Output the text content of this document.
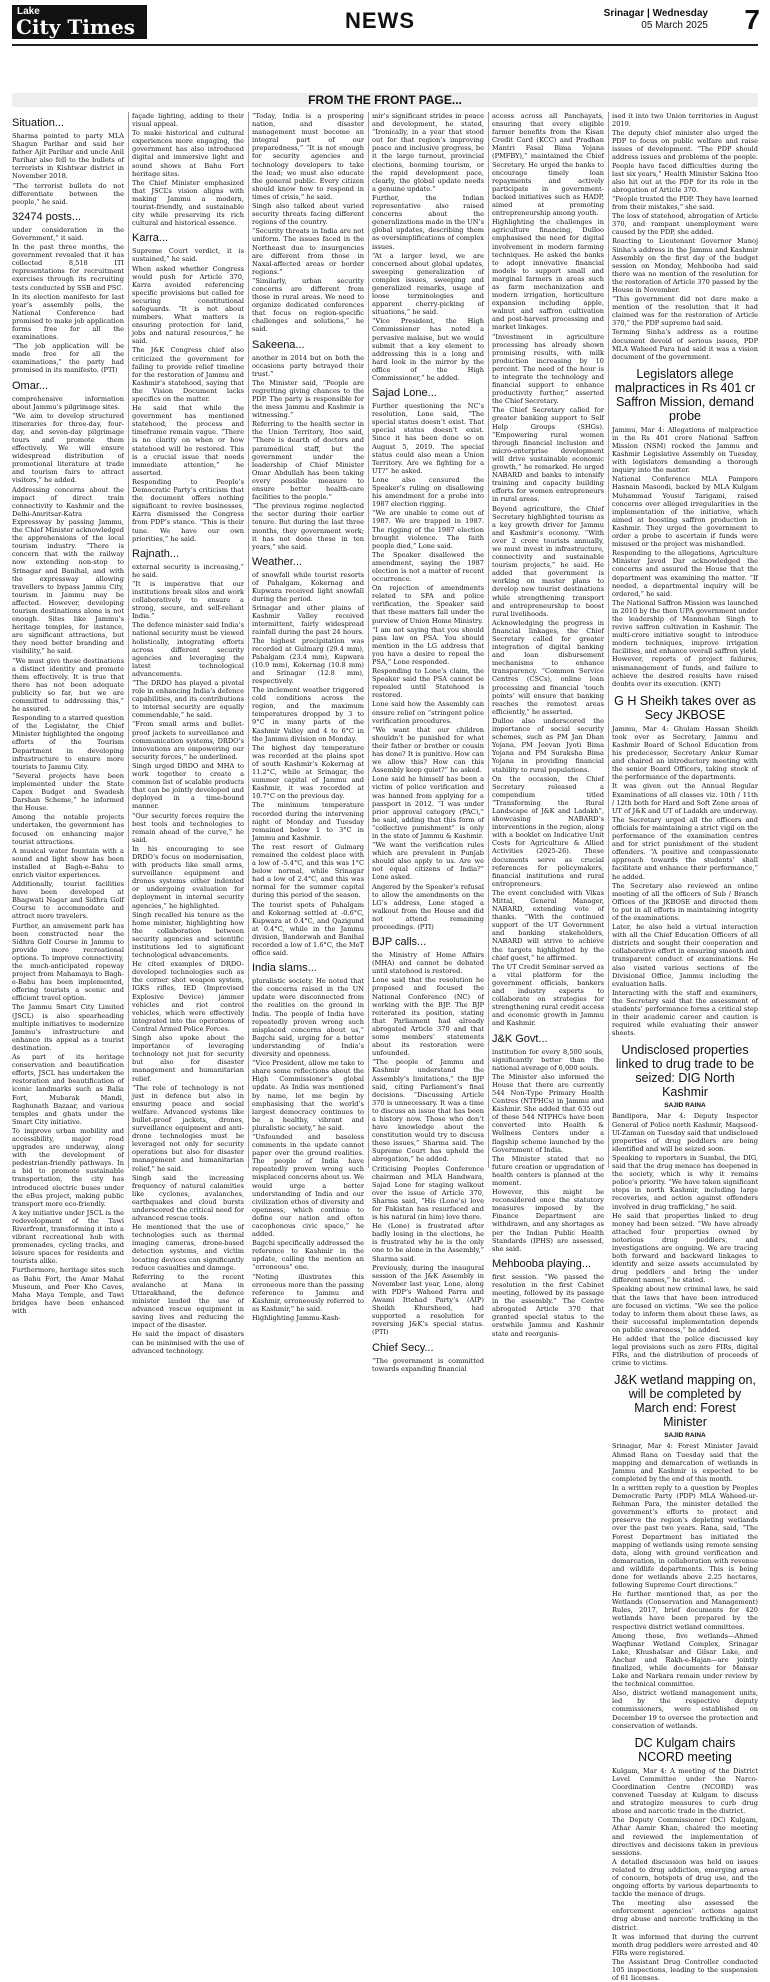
Lake
City Times	NEWS	Srinagar | Wednesday
05 March 2025 7
FROM THE FRONT PAGE...
Situation...

Sharma pointed to party MLA Shagun Parihar and said her father Ajit Parihar and uncle Anil Parihar also fell to the bullets of terrorists in Kishtwar district in November 2018.

“The terrorist bullets do not differentiate between the people,” he said.

32474 posts...

under consideration in the Government,” it said.

In the past three months, the government revealed that it has collected 8,518 ITI representations for recruitment exercises through its recruiting tests conducted by SSB and PSC.

In its election manifesto for last year’s assembly polls, the National Conference had promised to make job application forms free for all the examinations.

“The job application will be made free for all the examinations,” the party had promised in its manifesto. (PTI)

Omar...

comprehensive information about Jammu’s pilgrimage sites.

“We aim to develop structured itineraries for three-day, four-day, and seven-day pilgrimage tours and promote them effectively. We will ensure widespread distribution of promotional literature at trade and tourism fairs to attract visitors,” he added.

Addressing concerns about the impact of direct train connectivity to Kashmir and the Delhi-Amritsar-Katra Expressway by passing Jammu, the Chief Minister acknowledged the apprehensions of the local tourism industry. “There is concern that with the railway now extending non-stop to Srinagar and Banihal, and with the expressway allowing travellers to bypass Jammu City, tourism in Jammu may be affected. However, developing tourism destinations alone is not enough. Sites like Jammu’s heritage temples, for instance, are significant attractions, but they need better branding and visibility,” he said.

“We must give these destinations a distinct identity and promote them effectively. It is true that there has not been adequate publicity so far, but we are committed to addressing this,” he assured.

Responding to a starred question of the Legislator, the Chief Minister highlighted the ongoing efforts of the Tourism Department in developing infrastructure to ensure more tourists to Jammu City.

“Several projects have been implemented under the State Capex Budget and Swadesh Darshan Scheme,” he informed the House.

Among the notable projects undertaken, the government has focused on enhancing major tourist attractions.

A musical water fountain with a sound and light show has been installed at Bagh-e-Bahu to enrich visitor experiences.

Additionally, tourist facilities have been developed at Bhagwati Nagar and Sidhra Golf Course to accommodate and attract more travelers.

Further, an amusement park has been constructed near the Sidhra Golf Course in Jammu to provide more recreational options. To improve connectivity, the much-anticipated ropeway project from Mahamaya to Bagh-e-Bahu has been implemented, offering tourists a scenic and efficient travel option.

The Jammu Smart City Limited (JSCL) is also spearheading multiple initiatives to modernize Jammu’s infrastructure and enhance its appeal as a tourist destination.

As part of its heritage conservation and beautification efforts, JSCL has undertaken the restoration and beautification of iconic landmarks such as Balia Fort, Mubarak Mandi, Raghunath Bazaar, and various temples and ghats under the Smart City initiative.

To improve urban mobility and accessibility, major road upgrades are underway, along with the development of pedestrian-friendly pathways. In a bid to promote sustainable transportation, the city has introduced electric buses under the eBus project, making public transport more eco-friendly.

A key initiative under JSCL is the redevelopment of the Tawi Riverfront, transforming it into a vibrant recreational hub with promenades, cycling tracks, and leisure spaces for residents and tourists alike.

Furthermore, heritage sites such as Bahu Fort, the Amar Mahal Museum, and Peer Kho Caves, Maha Maya Temple, and Tawi bridges have been enhanced with

façade lighting, adding to their visual appeal.

To make historical and cultural experiences more engaging, the government has also introduced digital and immersive light and sound shows at Bahu Fort heritage sites.

The Chief Minister emphasized that JSCL’s vision aligns with making Jammu a modern, tourist-friendly, and sustainable city while preserving its rich cultural and historical essence.

Karra...

Supreme Court verdict, it is sustained,” he said.

When asked whether Congress would push for Article 370, Karra avoided referencing specific provisions but called for securing constitutional safeguards. “It is not about numbers. What matters is ensuring protection for land, jobs and natural resources,” he said.

The J&K Congress chief also criticized the government for failing to provide relief timeline for the restoration of Jammu and Kashmir’s statehood, saying that the Vision Document lacks specifics on the matter.

He said that while the government has mentioned statehood, the process and timeframe remain vague. “There is no clarity on when or how statehood will be restored. This is a crucial issue that needs immediate attention,” he asserted.

Responding to People’s Democratic Party’s criticism that the document offers nothing significant to revive businesses, Karra dismissed the Congress from PDP’s stance. “This is their tune. We have our own priorities,” he said.

Rajnath...

external security is increasing,” he said.

“It is imperative that our institutions break silos and work collaboratively to ensure a strong, secure, and self-reliant India.”

The defence minister said India’s national security must be viewed holistically, integrating efforts across different security agencies and leveraging the latest technological advancements.

“The DRDO has played a pivotal role in enhancing India’s defence capabilities, and its contributions to internal security are equally commendable,” he said.

“From small arms and bullet-proof jackets to surveillance and communication systems, DRDO’s innovations are empowering our security forces,” he underlined.

Singh urged DRDO and MHA to work together to create a common list of scalable products that can be jointly developed and deployed in a time-bound manner.

“Our security forces require the best tools and technologies to remain ahead of the curve,” he said.

In his encouraging to see DRDO’s focus on modernisation, with products like small arms, surveillance equipment and drones systems either indented or undergoing evaluation for deployment in internal security agencies,” he highlighted.

Singh recalled his tenure as the home minister, highlighting how the collaboration between security agencies and scientific institutions led to significant technological advancements.

He cited examples of DRDO-developed technologies such as the corner shot weapon system, IGKS rifles, IED (Improvised Explosive Device) jammer vehicles and riot control vehicles, which were effectively integrated into the operations of Central Armed Police Forces.

Singh also spoke about the importance of leveraging technology not just for security but also for disaster management and humanitarian relief.

“The role of technology is not just in defence but also in ensuring peace and social welfare. Advanced systems like bullet-proof jackets, drones, surveillance equipment and anti-drone technologies must be leveraged not only for security operations but also for disaster management and humanitarian relief,” he said.

Singh said the increasing frequency of natural calamities like cyclones, avalanches, earthquakes and cloud bursts underscored the critical need for advanced rescue tools.

He mentioned that the use of technologies such as thermal imaging cameras, drone-based detection systems, and victim locating devices can significantly reduce casualties and damage.

Referring to the recent avalanche at Mana in Uttarakhand, the defence minister lauded the use of advanced rescue equipment in saving lives and reducing the impact of the disaster.

He said the impact of disasters can be minimised with the use of advanced technology.

“Today, India is a prospering nation, and disaster management must become an integral part of our preparedness,” “It is not enough for security agencies and technology developers to take the lead; we must also educate the general public. Every citizen should know how to respond in times of crisis,” he said.

Singh also talked about varied security threats facing different regions of the country.

“Security threats in India are not uniform. The issues faced in the Northeast due to insurgencies are different from those in Naxal-affected areas or border regions.”

“Similarly, urban security concerns are different from those in rural areas. We need to organize dedicated conferences that focus on region-specific challenges and solutions,” he said.

Sakeena...

another in 2014 but on both the occasions party betrayed their trust.”

The Minister said, “People are regretting giving chances to the PDP. The party is responsible for the mess Jammu and Kashmir is witnessing.”

Referring to the health sector in the Union Territory, Itoo said, “There is dearth of doctors and paramedical staff, but the government under the leadership of Chief Minister Omar Abdullah has been taking every possible measure to ensure better health-care facilities to the people.”

“The previous regime neglected the sector during their earlier tenure. But during the last three months, they government work; it has not done these in ten years,” she said.

Weather...

of snowfall while tourist resorts of Pahalgam, Kokernag and Kupwara received light snowfall during the period.

Srinagar and other plains of Kashmir Valley received intermittent, fairly widespread rainfall during the past 24 hours. The highest precipitation was recorded at Gulmarg (29.4 mm), Pahalgam (23.4 mm), Kupwara (10.9 mm), Kokernag (10.8 mm) and Srinagar (12.8 mm), respectively.

The inclement weather triggered cold conditions across the region, and the maximum temperatures dropped by 3 to 9°C in many parts of the Kashmir Valley and 4 to 6°C in the Jammu division on Monday.

The highest day temperature was recorded at the plains spot of south Kashmir’s Kokernag at 11.2°C, while at Srinagar, the summer capital of Jammu and Kashmir, it was recorded at 10.7°C on the previous day.

The minimum temperature recorded during the intervening night of Monday and Tuesday remained below 1 to 3°C in Jammu and Kashmir.

The rest resort of Gulmarg remained the coldest place with a low of -5.4°C, and this was 1°C below normal, while Srinagar had a low of 2.4°C, and this was normal for the summer capital during this period of the season.

The tourist spots of Pahalgam and Kokernag settled at -0.6°C, Kupwara at 0.4°C, and Qazigund at 0.4°C, while in the Jammu division, Banderwah and Banihal recorded a low of 1.6°C, the MeT office said.

India slams...

pluralistic society. He noted that the concerns raised in the UN update were disconnected from the realities on the ground in India. The people of India have repeatedly proven wrong such misplaced concerns about us,” Bagchi said, urging for a better understanding of India’s diversity and openness.

“Vice President, allow me take to share some reflections about the High Commissioner’s global update. As India was mentioned by name, let me begin by emphasising that the world’s largest democracy continues to be a healthy, vibrant and pluralistic society,” he said.

“Unfounded and baseless comments in the update cannot paper over the ground realities. The people of India have repeatedly proven wrong such misplaced concerns about us. We would urge a better understanding of India and our civilization ethos of diversity and openness, which continue to define our nation and often cacophonous civic space,” he added.

Bagchi specifically addressed the reference to Kashmir in the update, calling the mention an “erroneous” one.

“Noting illustrates this erroneous more than the passing reference to Jammu and Kashmir, erroneously referred to as Kashmir,” he said.

Highlighting Jammu-Kash-

mir’s significant strides in peace and development, he stated, “Ironically, in a year that stood out for that region’s improving peace and inclusive progress, be it the large turnout, provincial elections, booming tourism, or the rapid development pace, clearly, the global update needs a genuine update.”

Further, the Indian representative also raised concerns about the generalizations made in the UN’s global updates, describing them as oversimplifications of complex issues.

“At a larger level, we are concerned about global updates, sweeping generalization of complex issues, sweeping and generalized remarks, usage of loose terminologies and apparent cherry-picking of situations,” he said.

“Vice President, the High Commissioner has noted a pervasive malaise, but we would submit that a key element to addressing this is a long and hard look in the mirror by the office of the High Commissioner,” he added.

Sajad Lone...

Further questioning the NC’s resolution, Lone said, “The special status doesn’t exist. That special status doesn’t exist. Since it has been done so on August 5, 2019. The special status could also mean a Union Territory. Are we fighting for a UT?” he asked.

Lone also censured the Speaker’s ruling on disallowing his amendment for a probe into 1987 election rigging.

“We are unable to come out of 1987. We are trapped in 1987. The rigging of the 1987 election brought violence. The faith people died,” Lone said.

The Speaker disallowed the amendment, saying the 1987 election is not a matter of recent occurrence.

On rejection of amendments related to SPA and police verification, the Speaker said that these matters fall under the purview of Union Home Ministry.

“I am not saying that you should pass law on PSA. You should mention in the LG address that you have a desire to repeal the PSA,” Lone responded.

Responding to Lone’s claim, the Speaker said the PSA cannot be repealed until Statehood is restored.

Lone said how the Assembly can ensure relief on “stringent police verification procedures.

“We want that our children shouldn’t be punished for what their father or brother or cousin has done? It is punitive. How can we allow this? How can this Assembly keep quiet?” he asked.

Lone said he himself has been a victim of police verification and was banned from applying for a passport in 2012. “I was under prior approval category (PAC),” he said, adding that this form of “collective punishment” is only in the state of Jammu & Kashmir.

“We want the verification rules which are prevalent in Punjab should also apply to us. Are we not equal citizens of India?” Lone asked.

Angered by the Speaker’s refusal to allow the amendments on the LG’s address, Lone staged a walkout from the House and did not attend remaining proceedings. (PTI)

BJP calls...

the Ministry of Home Affairs (MHA) and cannot be debated until statehood is restored.

Lone said that the resolution he proposed and focused the National Conference (NC) of working with the BJP. The BJP reiterated its position, stating that Parliament had already abrogated Article 370 and that some members’ statements about its restoration were unfounded.

“The people of Jammu and Kashmir understand the Assembly’s limitations,” the BJP said, citing Parliament’s final decisions. “Discussing Article 370 is unnecessary. It was a time to discuss an issue that has been a history now. Those who don’t have knowledge about the constitution would try to discuss these issues,” Sharma said. The Supreme Court has upheld the abrogation,” he added.

Criticising Peoples Conference chairman and MLA Handwara, Sajad Lone for staging walkout over the issue of Article 370, Sharma said, “His (Lone’s) love for Pakistan has resurfaced and is his natural (in him) love there.

He (Lone) is frustrated after badly losing in the elections, he is frustrated why he is the only one to be alone in the Assembly,” Sharma said.

Previously, during the inaugural session of the J&K Assembly in November last year, Lone, along with PDP’s Waheed Parra and Awami Ittehad Party’s (AIP) Sheikh Khursheed, had supported a resolution for reversing J&K’s special status. (PTI)

Chief Secy...

“The government is committed towards expanding financial

access across all Panchayats, ensuring that every eligible farmer benefits from the Kisan Credit Card (KCC) and Pradhan Mantri Fasal Bima Yojana (PMFBY),” maintained the Chief Secretary. He urged the banks to encourage timely loan repayments and actively participate in government-backed initiatives such as HADP, aimed at promoting entrepreneurship among youth.

Highlighting the challenges in agriculture financing, Dulloo emphasised the need for digital involvement in modern farming techniques. He asked the banks to adopt innovative financial models to support small and marginal farmers in areas such as farm mechanization and modern irrigation, horticulture expansion including apple, walnut and saffron cultivation and post-harvest processing and market linkages.

“Investment in agriculture processing has already shown promising results, with milk production increasing by 10 percent. The need of the hour is to integrate the technology and financial support to enhance productivity further,” asserted the Chief Secretary.

The Chief Secretary called for greater banking support to Self Help Groups (SHGs). “Empowering rural women through financial inclusion and micro-enterprise development will drive sustainable economic growth,” he remarked. He urged NABARD and banks to intensify training and capacity building efforts for women entrepreneurs in rural areas.

Beyond agriculture, the Chief Secretary highlighted tourism as a key growth driver for Jammu and Kashmir’s economy. “With over 2 crore tourists annually, we must invest in infrastructure, connectivity and sustainable tourism projects,” he said. He added that government is working on master plans to develop new tourist destinations while strengthening transport and entrepreneurship to boost rural livelihoods.

Acknowledging the progress in financial linkages, the Chief Secretary called for greater integration of digital banking and loan disbursement mechanisms to enhance transparency. “Common Service Centres (CSCs), online loan processing and financial ‘touch points’ will ensure that banking reaches the remotest areas efficiently,” he asserted.

Dulloo also underscored the importance of social security schemes, such as PM Jan Dhan Yojana, PM Jeevan Jyoti Bima Yojana and PM Suraksha Bima Yojana in providing financial stability to rural populations.

On the occasion, the Chief Secretary released a compendium titled “Transforming the Rural Landscape of J&K and Ladakh”, showcasing NABARD’s interventions in the region, along with a booklet on Indicative Unit Costs for Agriculture & Allied Activities (2025-26). These documents serve as crucial references for policymakers, financial institutions and rural entrepreneurs.

The event concluded with Vikas Mittal, General Manager, NABARD, extending vote of thanks. “With the continued support of the UT Government and banking stakeholders, NABARD will strive to achieve the targets highlighted by the chief guest,” he affirmed.

The UT Credit Seminar served as a vital platform for the government officials, bankers and industry experts to collaborate on strategies for strengthening rural credit access and economic growth in Jammu and Kashmir.

J&K Govt...

institution for every 8,500 souls, significantly better than the national average of 6,000 souls.

The Minister also informed the House that there are currently 544 Non-Type Primary Health Centres (NTPHCs) in Jammu and Kashmir. She added that 635 out of these 544 NTPHCs have been converted into Health & Wellness Centers under a flagship scheme launched by the Government of India.

The Minister stated that no future creation or upgradation of health centers is planned at the moment.

However, this might be reconsidered once the statutory measures imposed by the Finance Department are withdrawn, and any shortages as per the Indian Public Health Standards (IPHS) are assessed, she said.

Mehbooba playing...

first session. “We passed the resolution in the first Cabinet meeting, followed by its passage in the assembly.” The Centre abrogated Article 370 that granted special status to the erstwhile Jammu and Kashmir state and reorganis-

ised it into two Union territories in August 2019.

The deputy chief minister also urged the PDP to focus on public welfare and raise issues of development. “The PDP should address issues and problems of the people. People have faced difficulties during the last six years,” Health Minister Sakina Itoo also hit out at the PDP for its role in the abrogation of Article 370.

“People trusted the PDP. They have learned from their mistakes,” she said.

The loss of statehood, abrogation of Article 370, and rampant unemployment were caused by the PDP, she added.

Reacting to Lieutenant Governor Manoj Sinha’s address in the Jammu and Kashmir Assembly on the first day of the budget session on Monday, Mehbooba had said there was no mention of the resolution for the restoration of Article 370 passed by the House in November.

“This government did not dare make a mention of the resolution that it had claimed was for the restoration of Article 370,” the PDP supremo had said.

Terming Sinha’s address as a routine document devoid of serious issues, PDP MLA Waheed Para had said it was a vision document of the government.

Legislators allege malpractices in Rs 401 cr Saffron Mission, demand probe

Jammu, Mar 4: Allegations of malpractice in the Rs 401 crore National Saffron Mission (NSM) rocked the Jammu and Kashmir Legislative Assembly on Tuesday, with legislators demanding a thorough inquiry into the matter.

National Conference MLA Pampore Hasnain Masoodi, backed by MLA Kulgam Muhammad Yousuf Tarigami, raised concerns over alleged irregularities in the implementation of the initiative, which aimed at boosting saffron production in Kashmir. They urged the government to order a probe to ascertain if funds were misused or the project was mishandled.

Responding to the allegations, Agriculture Minister Javed Dar acknowledged the concerns and assured the House that the department was examining the matter. “If needed, a departmental inquiry will be ordered,” he said.

The National Saffron Mission was launched in 2010 by the then UPA government under the leadership of Manmohan Singh to revive saffron cultivation in Kashmir. The multi-crore initiative sought to introduce modern techniques, improve irrigation facilities, and enhance overall saffron yield. However, reports of project failures, mismanagement of funds, and failure to achieve the desired results have raised doubts over its execution. (KNT)

G H Sheikh takes over as Secy JKBOSE

Jammu, Mar 4: Ghulam Hassan Sheikh took over as Secretary, Jammu and Kashmir Board of School Education from his predecessor, Secretary Ankur Kumar and chaired an introductory meeting with the senior Board Officers, taking stock of the performance of the departments.

It was given out the Annual Regular Examinations of all classes viz. 10th / 11th / 12th both for Hard and Soft Zone areas of UT of J&K and UT of Ladakh are underway.

The Secretary urged all the officers and officials for maintaining a strict vigil on the performance of the examination centres and for strict punishment of the student offenders. “A positive and compassionate approach towards the students’ shall facilitate and enhance their performance,” he added.

The Secretary also reviewed an online meeting of all the officers of Sub / Branch Offices of the JKBOSE and directed them to put in all efforts in maintaining integrity of the examinations.

Later, he also held a virtual interaction with all the Chief Education Officers of all districts and sought their cooperation and collaborative effort in ensuring smooth and transparent conduct of examinations. He also visited various sections of the Divisional Office, Jammu including the evaluation halls.

Interacting with the staff and examiners, the Secretary said that the assessment of students’ performance forms a critical step in their academic career and caution is required while evaluating their answer sheets.

Undisclosed properties linked to drug trade to be seized: DIG North Kashmir
SAJID RAINA

Bandipora, Mar 4: Deputy Inspector General of Police north Kashmir, Maqsood-Ul-Zaman on Tuesday said that undisclosed properties of drug peddlers are being identified and will be seized soon.

Speaking to reporters in Sumbal, the DIG, said that the drug menace has deepened in the society, which is why it remains police’s priority. “We have taken significant steps in north Kashmir, including large recoveries, and action against offenders involved in drug trafficking,” he said.

He said that properties linked to drug money had been seized. “We have already attached four properties owned by notorious drug peddlers, and investigations are ongoing. We are tracing both forward and backward linkages to identify and seize assets accumulated by drug peddlers and bring the under different names,” he stated.

Speaking about new criminal laws, he said that the laws that have been introduced are focused on victims. “We see the police today to inform them about these laws, as their successful implementation depends on public awareness,” he added.

He added that the police discussed key legal provisions such as zero FIRs, digital FIRs, and the distribution of proceeds of crime to victims.

J&K wetland mapping on, will be completed by March end: Forest Minister
SAJID RAINA

Srinagar, Mar 4: Forest Minister Javaid Ahmad Rana on Tuesday said that the mapping and demarcation of wetlands in Jammu and Kashmir is expected to be completed by the end of this month.

In a written reply to a question by Peoples Democratic Party (PDP) MLA Waheed-ur-Rehman Para, the minister detailed the government’s efforts to protect and preserve the region’s depleting wetlands over the past two years. Rana, said, “The Forest Department has initiated the mapping of wetlands using remote sensing data, along with ground verification and demarcation, in collaboration with revenue and wildlife departments. This is being done for wetlands above 2.25 hectares, following Supreme Court directions.”

He further mentioned that, as per the Wetlands (Conservation and Management) Rules, 2017, brief documents for 420 wetlands have been prepared by the respective district wetland committees.

Among these, five wetlands—Ahmed Waqfunar Wetland Complex, Srinagar Lake, Khushalsar and Gilsar Lake, and Anchar and Rakh-e-Hajan—are jointly finalized, while documents for Mansar Lake and Narkara remain under review by the technical committee.

Also, district wetland management units, led by the respective deputy commissioners, were established on December 19 to oversee the protection and conservation of wetlands.

DC Kulgam chairs NCORD meeting

Kulgam, Mar 4: A meeting of the District Level Committee under the Narco-Coordination Centre (NCORD) was convened Tuesday at Kulgam to discuss and strategize measures to curb drug abuse and narcotic trade in the district.

The Deputy Commissioner (DC) Kulgam, Athar Aamir Khan, chaired the meeting and reviewed the implementation of directives and decisions taken in previous sessions.

A detailed discussion was held on issues related to drug addiction, emerging areas of concern, hotspots of drug use, and the ongoing efforts by various departments to tackle the menace of drugs.

The meeting also assessed the enforcement agencies’ actions against drug abuse and narcotic trafficking in the district.

It was informed that during the current month drug peddlers were arrested and 40 FIRs were registered.

The Assistant Drug Controller conducted 105 inspections, leading to the suspension of 61 licenses.
